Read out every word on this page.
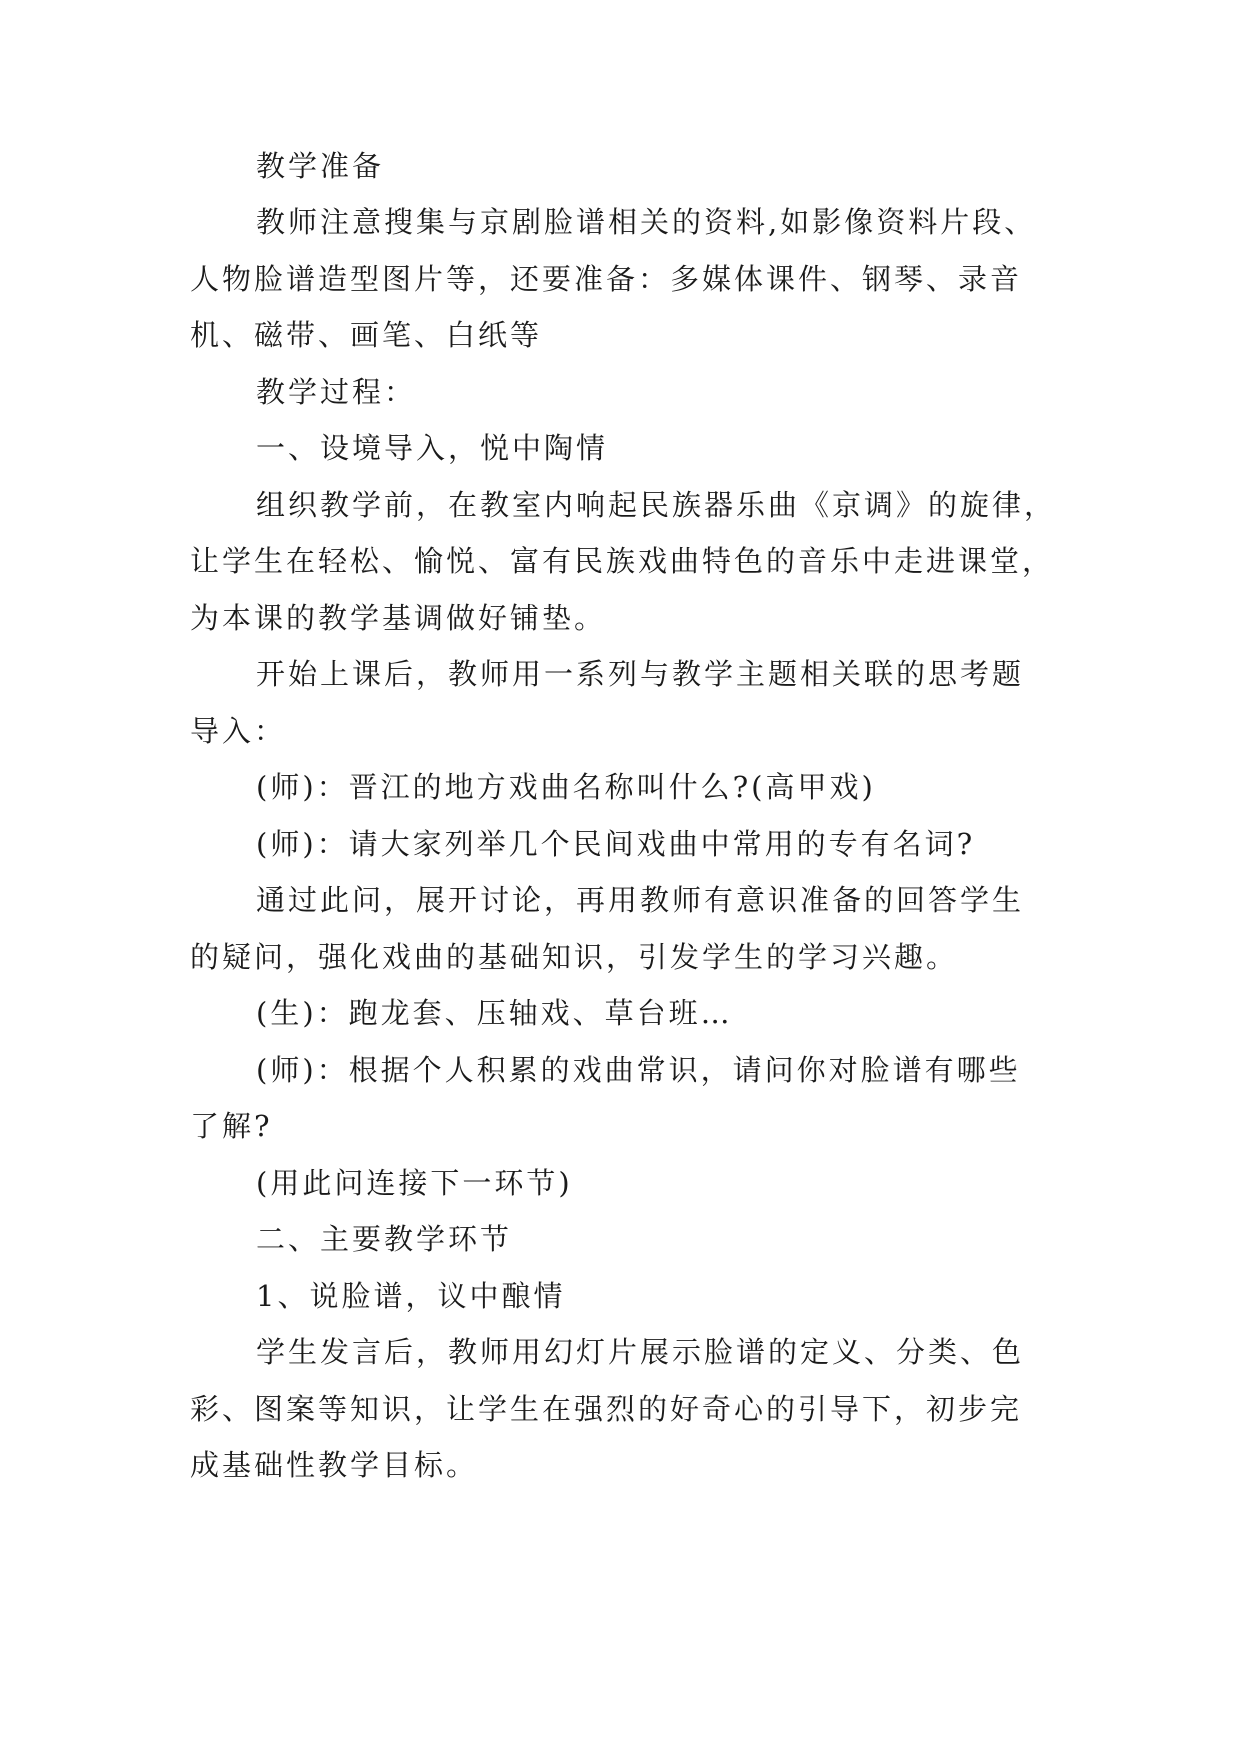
教学准备
教师注意搜集与京剧脸谱相关的资料,如影像资料片段、
人物脸谱造型图片等，还要准备：多媒体课件、钢琴、录音
机、磁带、画笔、白纸等
教学过程：
一、设境导入，悦中陶情
组织教学前，在教室内响起民族器乐曲《京调》的旋律，
让学生在轻松、愉悦、富有民族戏曲特色的音乐中走进课堂，
为本课的教学基调做好铺垫。
开始上课后，教师用一系列与教学主题相关联的思考题
导入：
(师)：晋江的地方戏曲名称叫什么?(高甲戏)
(师)：请大家列举几个民间戏曲中常用的专有名词?
通过此问，展开讨论，再用教师有意识准备的回答学生
的疑问，强化戏曲的基础知识，引发学生的学习兴趣。
(生)：跑龙套、压轴戏、草台班…
(师)：根据个人积累的戏曲常识，请问你对脸谱有哪些
了解?
(用此问连接下一环节)
二、主要教学环节
1、说脸谱，议中酿情
学生发言后，教师用幻灯片展示脸谱的定义、分类、色
彩、图案等知识，让学生在强烈的好奇心的引导下，初步完
成基础性教学目标。
